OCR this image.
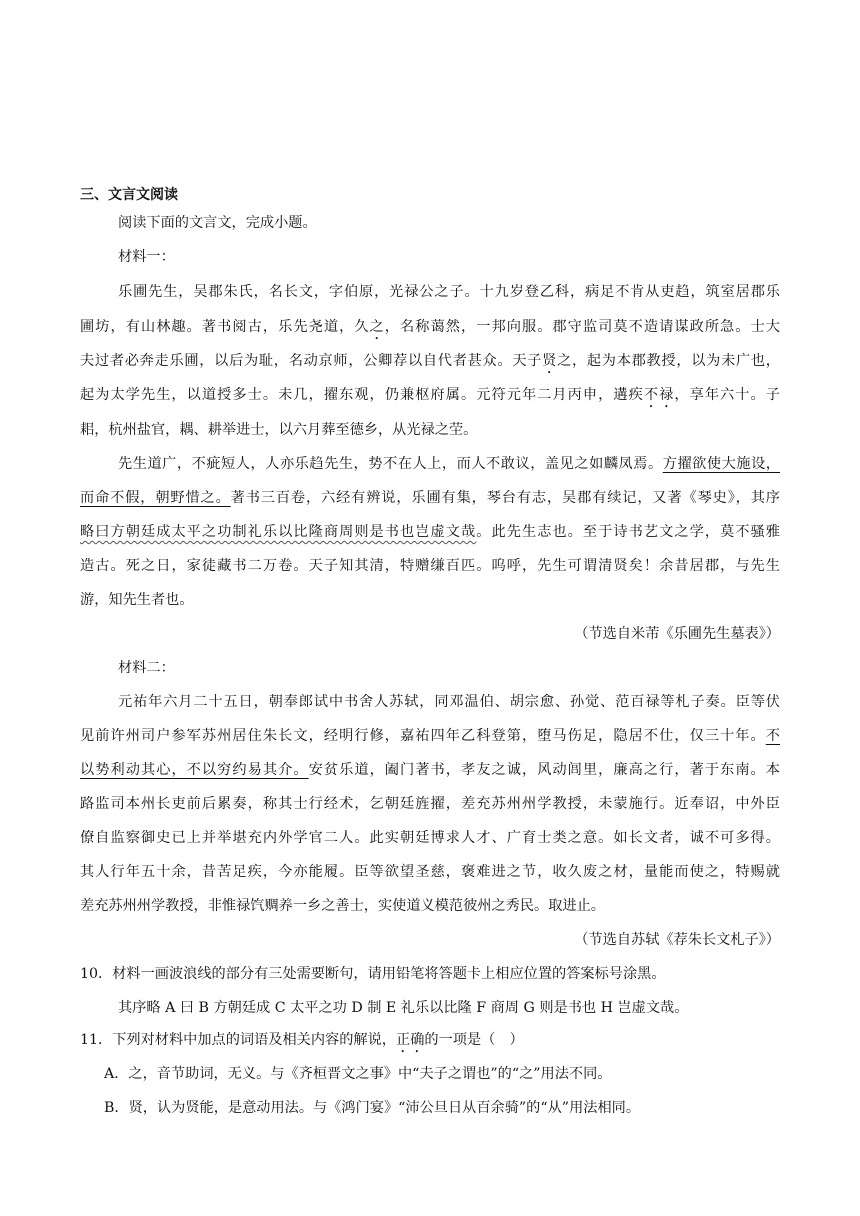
三、文言文阅读
阅读下面的文言文，完成小题。
材料一：
乐圃先生，吴郡朱氏，名长文，字伯原，光禄公之子。十九岁登乙科，病足不肯从吏趋，筑室居郡乐
圃坊，有山林趣。著书阅古，乐先尧道，久之，名称蔼然，一邦向服。郡守监司莫不造请谋政所急。士大
夫过者必奔走乐圃，以后为耻，名动京师，公卿荐以自代者甚众。天子贤之，起为本郡教授，以为未广也，
起为太学先生，以道授多士。未几，擢东观，仍兼枢府属。元符元年二月丙申，遘疾不禄，享年六十。子
耜，杭州盐官，耦、耕举进士，以六月葬至德乡，从光禄之茔。
先生道广，不疵短人，人亦乐趋先生，势不在人上，而人不敢议，盖见之如麟凤焉。方擢欲使大施设，
而命不假，朝野惜之。著书三百卷，六经有辨说，乐圃有集，琴台有志，吴郡有续记，又著《琴史》，其序
略曰方朝廷成太平之功制礼乐以比隆商周则是书也岂虚文哉。此先生志也。至于诗书艺文之学，莫不骚雅
造古。死之日，家徒藏书二万卷。天子知其清，特赠缣百匹。呜呼，先生可谓清贤矣！余昔居郡，与先生
游，知先生者也。
（节选自米芾《乐圃先生墓表》）
材料二：
元祐年六月二十五日，朝奉郎试中书舍人苏轼，同邓温伯、胡宗愈、孙觉、范百禄等札子奏。臣等伏
见前许州司户参军苏州居住朱长文，经明行修，嘉祐四年乙科登第，堕马伤足，隐居不仕，仅三十年。不
以势利动其心，不以穷约易其介。安贫乐道，阖门著书，孝友之诚，风动闾里，廉高之行，著于东南。本
路监司本州长吏前后累奏，称其士行经术，乞朝廷旌擢，差充苏州州学教授，未蒙施行。近奉诏，中外臣
僚自监察御史已上并举堪充内外学官二人。此实朝廷博求人才、广育士类之意。如长文者，诚不可多得。
其人行年五十余，昔苦足疾，今亦能履。臣等欲望圣慈，褒难进之节，收久废之材，量能而使之，特赐就
差充苏州州学教授，非惟禄饩赒养一乡之善士，实使道义模范彼州之秀民。取进止。
（节选自苏轼《荐朱长文札子》）
10．材料一画波浪线的部分有三处需要断句，请用铅笔将答题卡上相应位置的答案标号涂黑。
其序略 A 曰 B 方朝廷成 C 太平之功 D 制 E 礼乐以比隆 F 商周 G 则是书也 H 岂虚文哉。
11．下列对材料中加点的词语及相关内容的解说，正确的一项是（　）
A．之，音节助词，无义。与《齐桓晋文之事》中“夫子之谓也”的“之”用法不同。
B．贤，认为贤能，是意动用法。与《鸿门宴》“沛公旦日从百余骑”的“从”用法相同。
